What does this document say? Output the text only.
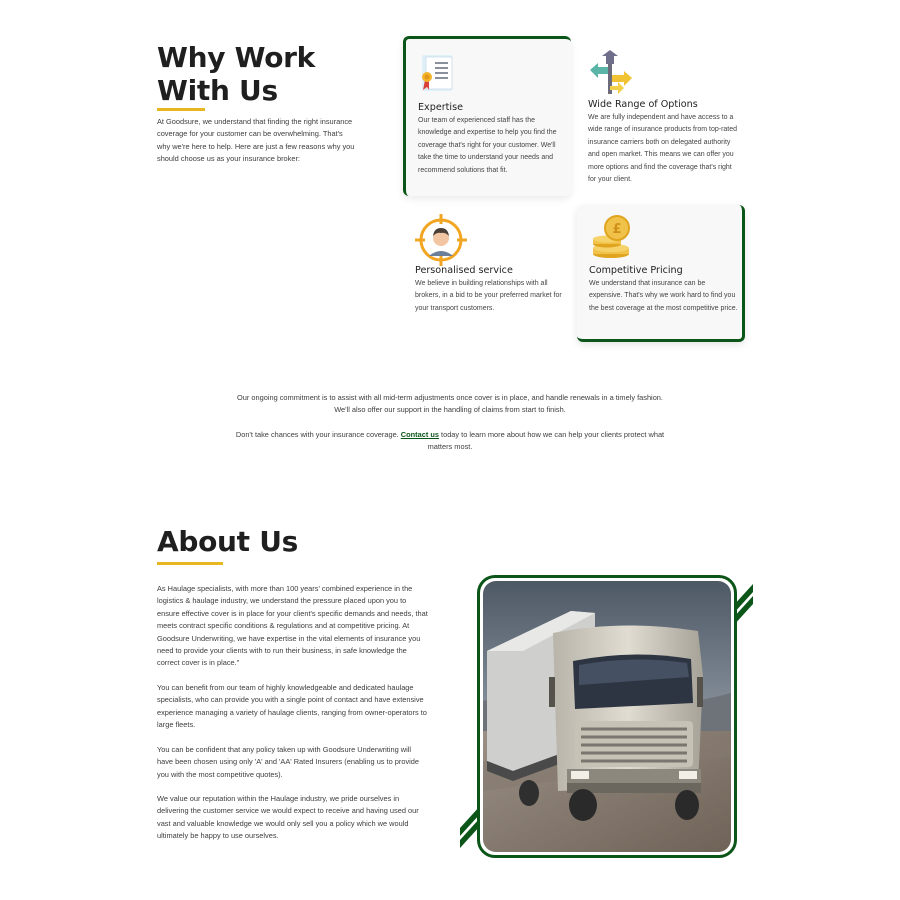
Why Work With Us

At Goodsure, we understand that finding the right insurance coverage for your customer can be overwhelming. That's why we're here to help. Here are just a few reasons why you should choose us as your insurance broker:

Expertise

Our team of experienced staff has the knowledge and expertise to help you find the coverage that's right for your customer. We'll take the time to understand your needs and recommend solutions that fit.

Wide Range of Options

We are fully independent and have access to a wide range of insurance products from top-rated insurance carriers both on delegated authority and open market. This means we can offer you more options and find the coverage that's right for your client.

Personalised service

We believe in building relationships with all brokers, in a bid to be your preferred market for your transport customers.

£
Competitive Pricing

We understand that insurance can be expensive. That's why we work hard to find you the best coverage at the most competitive price.

Our ongoing commitment is to assist with all mid-term adjustments once cover is in place, and handle renewals in a timely fashion. We'll also offer our support in the handling of claims from start to finish.

Don't take chances with your insurance coverage. Contact us today to learn more about how we can help your clients protect what matters most.

About Us

As Haulage specialists, with more than 100 years' combined experience in the logistics & haulage industry, we understand the pressure placed upon you to ensure effective cover is in place for your client's specific demands and needs, that meets contract specific conditions & regulations and at competitive pricing. At Goodsure Underwriting, we have expertise in the vital elements of insurance you need to provide your clients with to run their business, in safe knowledge the correct cover is in place."

You can benefit from our team of highly knowledgeable and dedicated haulage specialists, who can provide you with a single point of contact and have extensive experience managing a variety of haulage clients, ranging from owner-operators to large fleets.

You can be confident that any policy taken up with Goodsure Underwriting will have been chosen using only 'A' and 'AA' Rated Insurers (enabling us to provide you with the most competitive quotes).

We value our reputation within the Haulage industry, we pride ourselves in delivering the customer service we would expect to receive and having used our vast and valuable knowledge we would only sell you a policy which we would ultimately be happy to use ourselves.
